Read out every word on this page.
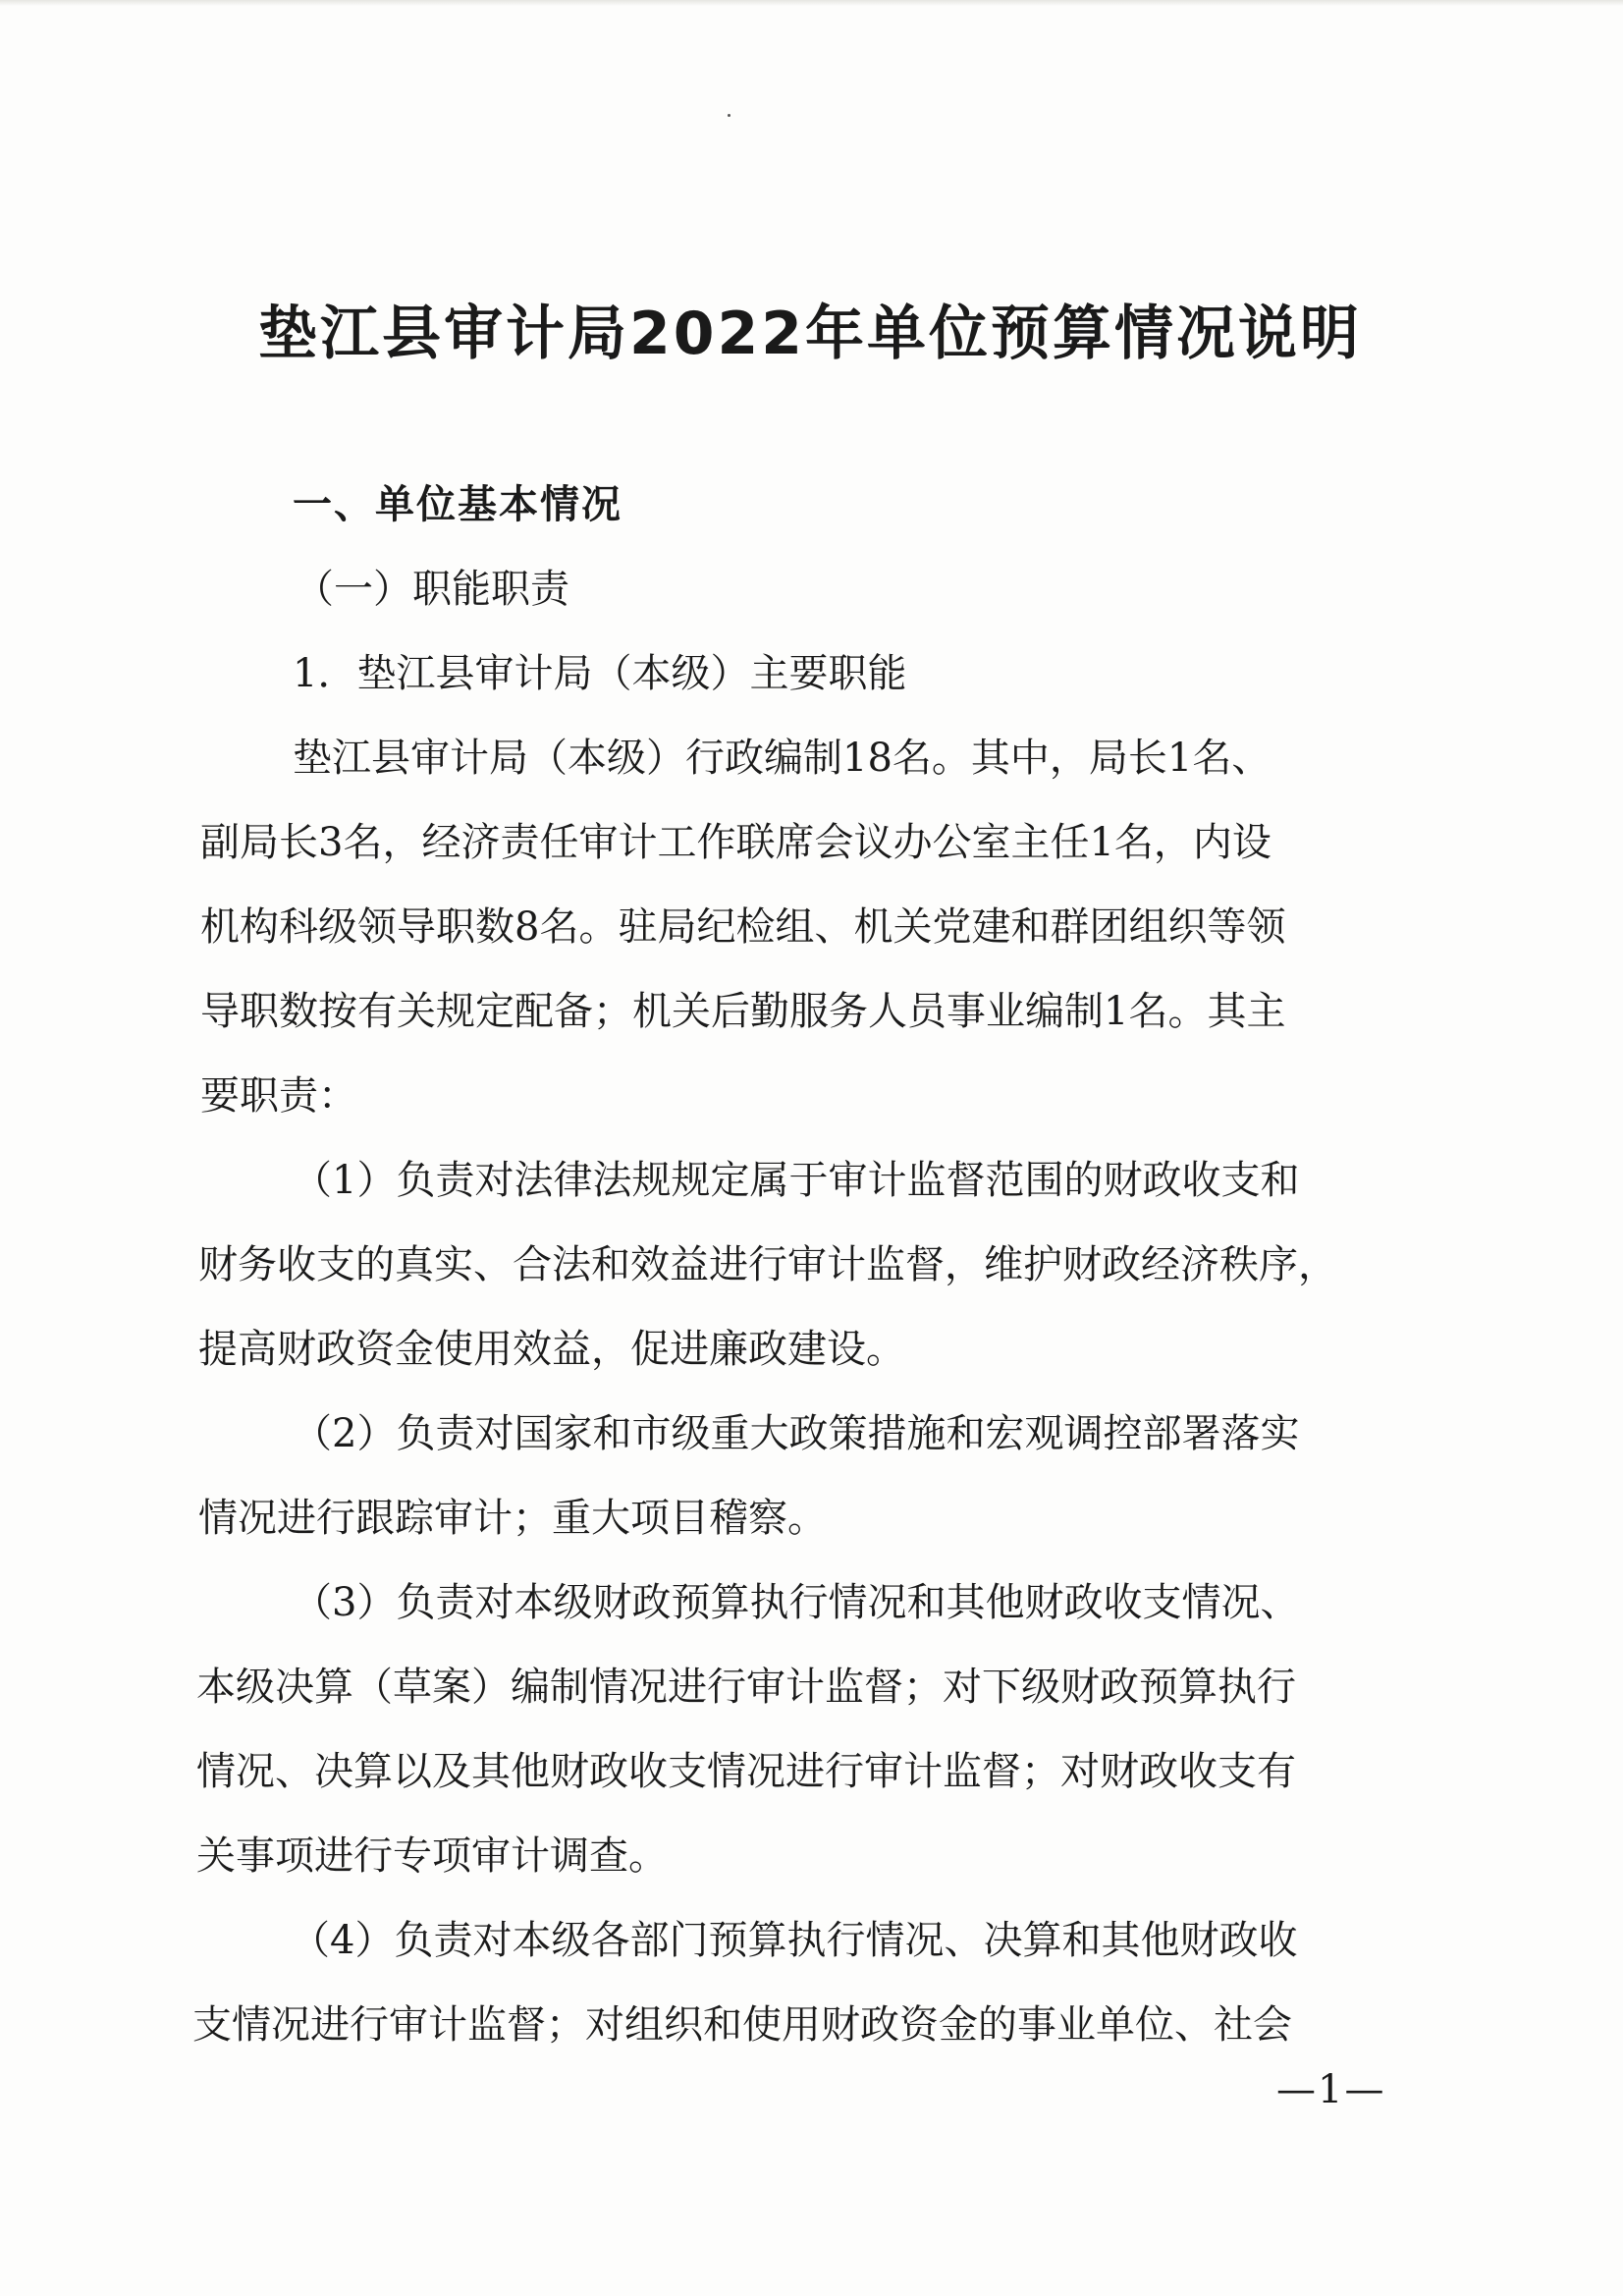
垫江县审计局2022年单位预算情况说明
一、单位基本情况
（一）职能职责
1．垫江县审计局（本级）主要职能
垫江县审计局（本级）行政编制18名。其中，局长1名、
副局长3名，经济责任审计工作联席会议办公室主任1名，内设
机构科级领导职数8名。驻局纪检组、机关党建和群团组织等领
导职数按有关规定配备；机关后勤服务人员事业编制1名。其主
要职责：
（1）负责对法律法规规定属于审计监督范围的财政收支和
财务收支的真实、合法和效益进行审计监督，维护财政经济秩序，
提高财政资金使用效益，促进廉政建设。
（2）负责对国家和市级重大政策措施和宏观调控部署落实
情况进行跟踪审计；重大项目稽察。
（3）负责对本级财政预算执行情况和其他财政收支情况、
本级决算（草案）编制情况进行审计监督；对下级财政预算执行
情况、决算以及其他财政收支情况进行审计监督；对财政收支有
关事项进行专项审计调查。
（4）负责对本级各部门预算执行情况、决算和其他财政收
支情况进行审计监督；对组织和使用财政资金的事业单位、社会
—1—
